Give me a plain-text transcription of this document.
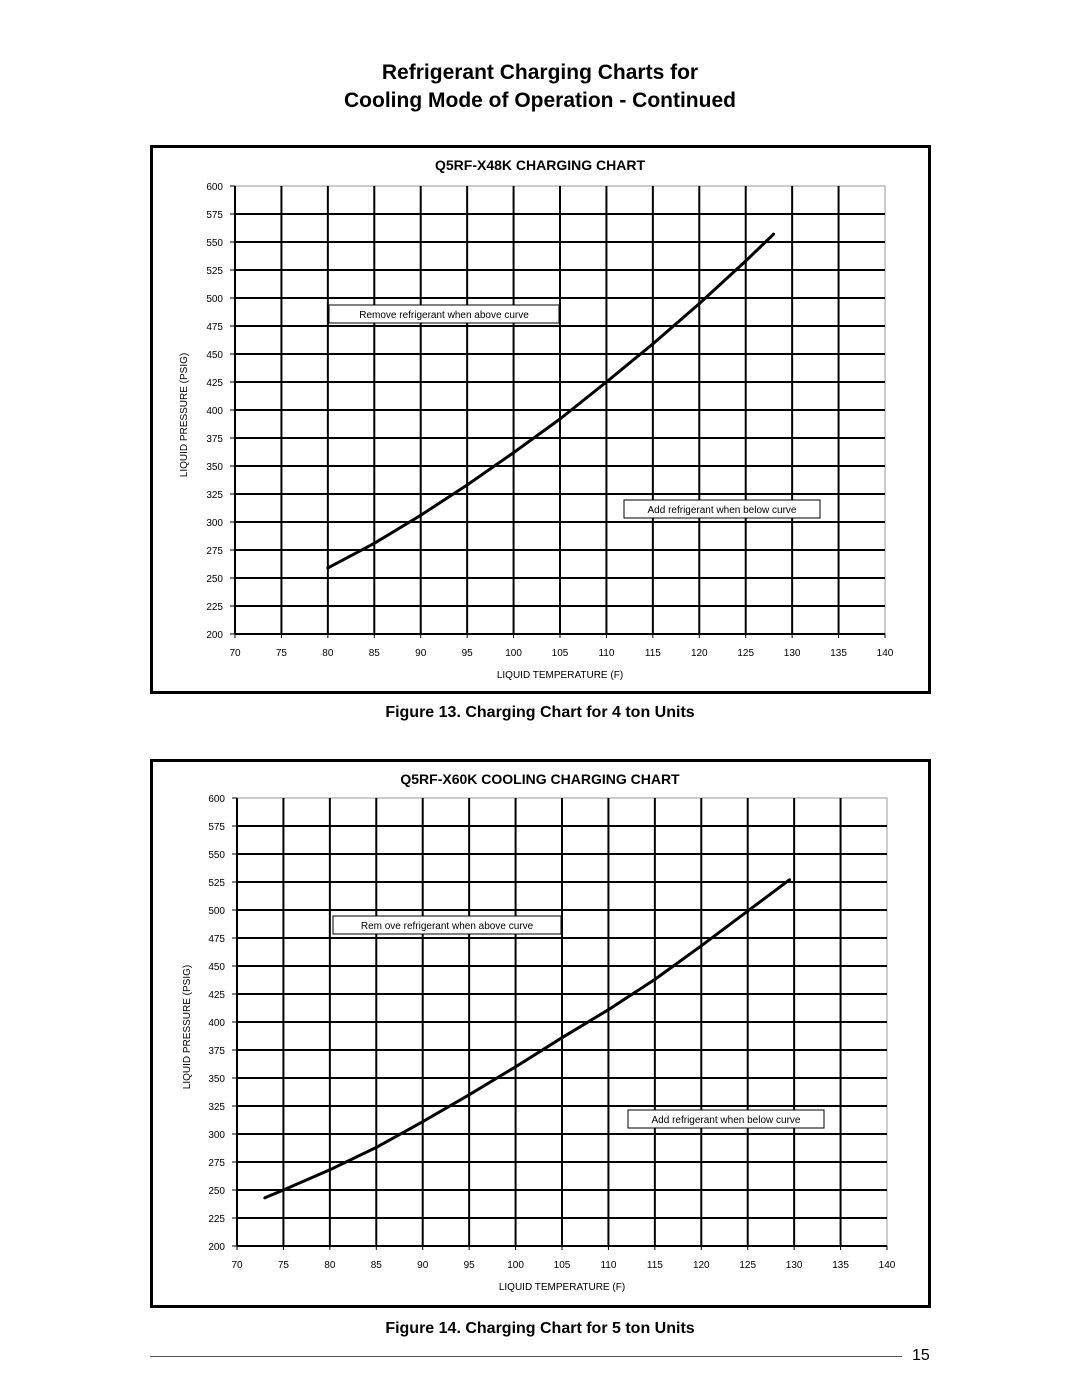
Refrigerant Charging Charts for
Cooling Mode of Operation - Continued
Q5RF-X48K CHARGING CHART
600
575
550
525
500
475
450
425
400
375
350
325
300
275
250
225
200
70	75	80	85	90	95	100	105	110	115	120	125	130	135	140
LIQUID TEMPERATURE (F)
LIQUID PRESSURE (PSIG)
Remove refrigerant when above curve
Add refrigerant when below curve
Figure 13. Charging Chart for 4 ton Units
Q5RF-X60K COOLING CHARGING CHART
600
575
550
525
500
475
450
425
400
375
350
325
300
275
250
225
200
70	75	80	85	90	95	100	105	110	115	120	125	130	135	140
LIQUID TEMPERATURE (F)
LIQUID PRESSURE (PSIG)
Rem ove refrigerant when above curve
Add refrigerant when below curve
Figure 14. Charging Chart for 5 ton Units
15
